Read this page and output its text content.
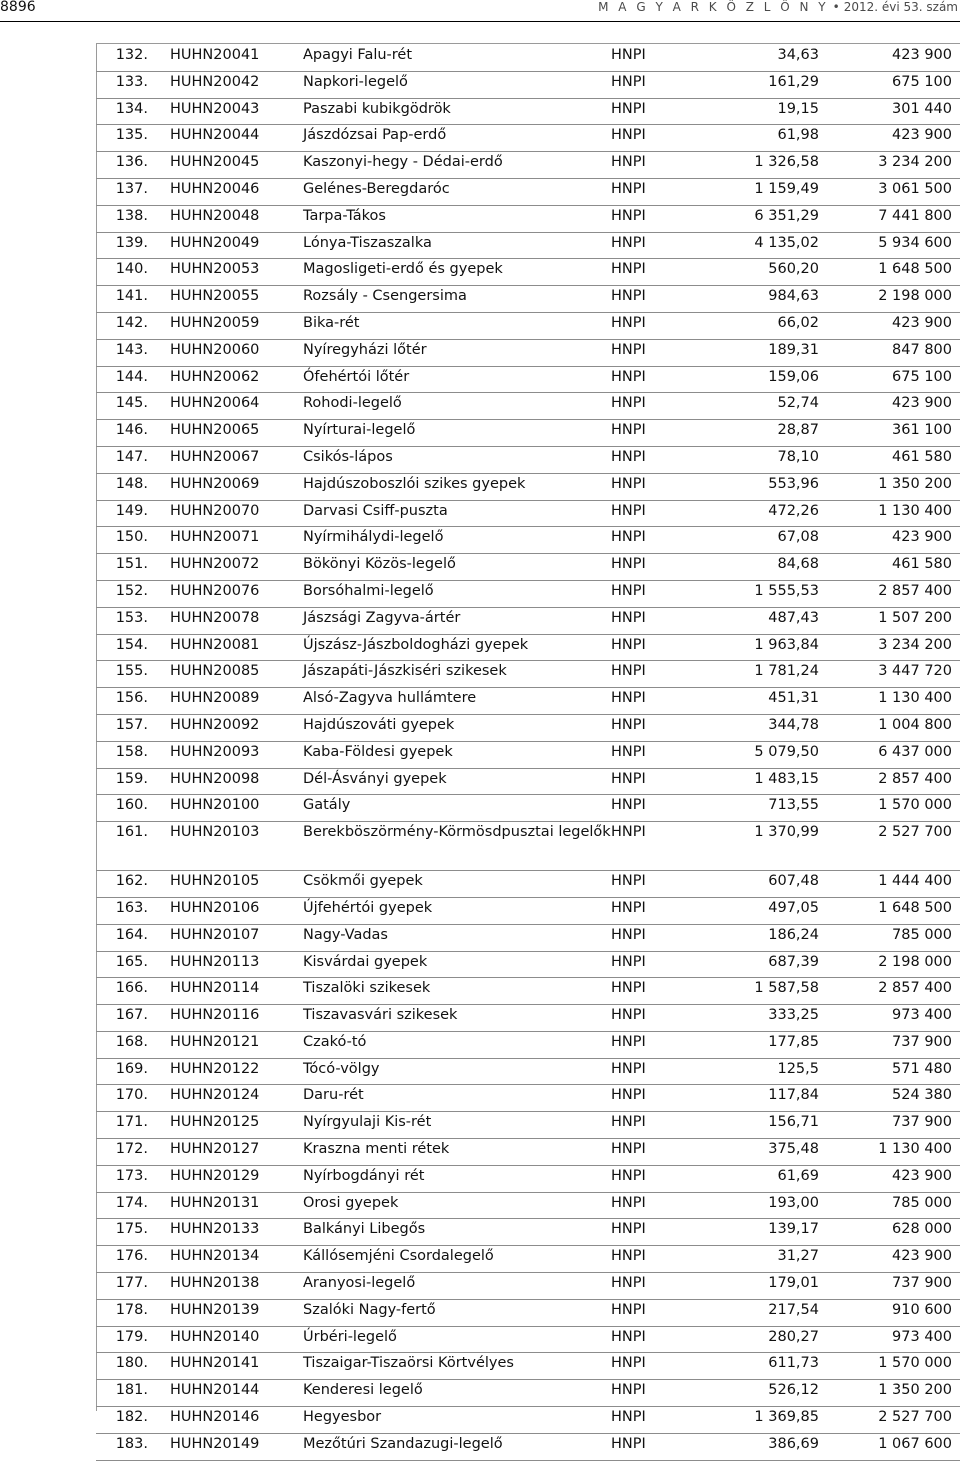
8896	M A G Y A R K Ö Z L Ö N Y • 2012. évi 53. szám
132.	HUHN20041	Apagyi Falu-rét	HNPI	34,63	423 900
133.	HUHN20042	Napkori-legelő	HNPI	161,29	675 100
134.	HUHN20043	Paszabi kubikgödrök	HNPI	19,15	301 440
135.	HUHN20044	Jászdózsai Pap-erdő	HNPI	61,98	423 900
136.	HUHN20045	Kaszonyi-hegy - Dédai-erdő	HNPI	1 326,58	3 234 200
137.	HUHN20046	Gelénes-Beregdaróc	HNPI	1 159,49	3 061 500
138.	HUHN20048	Tarpa-Tákos	HNPI	6 351,29	7 441 800
139.	HUHN20049	Lónya-Tiszaszalka	HNPI	4 135,02	5 934 600
140.	HUHN20053	Magosligeti-erdő és gyepek	HNPI	560,20	1 648 500
141.	HUHN20055	Rozsály - Csengersima	HNPI	984,63	2 198 000
142.	HUHN20059	Bika-rét	HNPI	66,02	423 900
143.	HUHN20060	Nyíregyházi lőtér	HNPI	189,31	847 800
144.	HUHN20062	Ófehértói lőtér	HNPI	159,06	675 100
145.	HUHN20064	Rohodi-legelő	HNPI	52,74	423 900
146.	HUHN20065	Nyírturai-legelő	HNPI	28,87	361 100
147.	HUHN20067	Csikós-lápos	HNPI	78,10	461 580
148.	HUHN20069	Hajdúszoboszlói szikes gyepek	HNPI	553,96	1 350 200
149.	HUHN20070	Darvasi Csiff-puszta	HNPI	472,26	1 130 400
150.	HUHN20071	Nyírmihálydi-legelő	HNPI	67,08	423 900
151.	HUHN20072	Bökönyi Közös-legelő	HNPI	84,68	461 580
152.	HUHN20076	Borsóhalmi-legelő	HNPI	1 555,53	2 857 400
153.	HUHN20078	Jászsági Zagyva-ártér	HNPI	487,43	1 507 200
154.	HUHN20081	Újszász-Jászboldogházi gyepek	HNPI	1 963,84	3 234 200
155.	HUHN20085	Jászapáti-Jászkiséri szikesek	HNPI	1 781,24	3 447 720
156.	HUHN20089	Alsó-Zagyva hullámtere	HNPI	451,31	1 130 400
157.	HUHN20092	Hajdúszováti gyepek	HNPI	344,78	1 004 800
158.	HUHN20093	Kaba-Földesi gyepek	HNPI	5 079,50	6 437 000
159.	HUHN20098	Dél-Ásványi gyepek	HNPI	1 483,15	2 857 400
160.	HUHN20100	Gatály	HNPI	713,55	1 570 000
161.	HUHN20103	Berekböszörmény-Körmösdpusztai legelők	HNPI	1 370,99	2 527 700
162.	HUHN20105	Csökmői gyepek	HNPI	607,48	1 444 400
163.	HUHN20106	Újfehértói gyepek	HNPI	497,05	1 648 500
164.	HUHN20107	Nagy-Vadas	HNPI	186,24	785 000
165.	HUHN20113	Kisvárdai gyepek	HNPI	687,39	2 198 000
166.	HUHN20114	Tiszalöki szikesek	HNPI	1 587,58	2 857 400
167.	HUHN20116	Tiszavasvári szikesek	HNPI	333,25	973 400
168.	HUHN20121	Czakó-tó	HNPI	177,85	737 900
169.	HUHN20122	Tócó-völgy	HNPI	125,5	571 480
170.	HUHN20124	Daru-rét	HNPI	117,84	524 380
171.	HUHN20125	Nyírgyulaji Kis-rét	HNPI	156,71	737 900
172.	HUHN20127	Kraszna menti rétek	HNPI	375,48	1 130 400
173.	HUHN20129	Nyírbogdányi rét	HNPI	61,69	423 900
174.	HUHN20131	Orosi gyepek	HNPI	193,00	785 000
175.	HUHN20133	Balkányi Libegős	HNPI	139,17	628 000
176.	HUHN20134	Kállósemjéni Csordalegelő	HNPI	31,27	423 900
177.	HUHN20138	Aranyosi-legelő	HNPI	179,01	737 900
178.	HUHN20139	Szalóki Nagy-fertő	HNPI	217,54	910 600
179.	HUHN20140	Úrbéri-legelő	HNPI	280,27	973 400
180.	HUHN20141	Tiszaigar-Tiszaörsi Körtvélyes	HNPI	611,73	1 570 000
181.	HUHN20144	Kenderesi legelő	HNPI	526,12	1 350 200
182.	HUHN20146	Hegyesbor	HNPI	1 369,85	2 527 700
183.	HUHN20149	Mezőtúri Szandazugi-legelő	HNPI	386,69	1 067 600
